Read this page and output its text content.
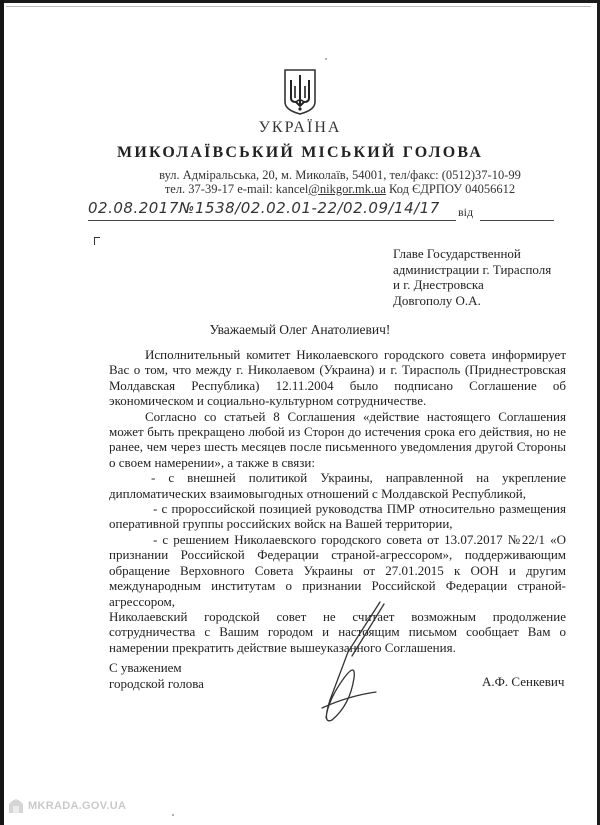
УКРАЇНА
МИКОЛАЇВСЬКИЙ МІСЬКИЙ ГОЛОВА
вул. Адміральська, 20, м. Миколаїв, 54001, тел/факс: (0512)37-10-99
тел. 37-39-17 e-mail: kancel@nikgor.mk.ua Код ЄДРПОУ 04056612
02.08.2017№1538/02.02.01-22/02.09/14/17 від
Главе Государственной
администрации г. Тирасполя
и г. Днестровска
Довгополу О.А.
Уважаемый Олег Анатолиевич!

Исполнительный комитет Николаевского городского совета информирует Вас о том, что между г. Николаевом (Украина) и г. Тирасполь (Приднестровская Молдавская Республика) 12.11.2004 было подписано Соглашение об экономическом и социально-культурном сотрудничестве.

Согласно со статьей 8 Соглашения «действие настоящего Соглашения может быть прекращено любой из Сторон до истечения срока его действия, но не ранее, чем через шесть месяцев после письменного уведомления другой Стороны о своем намерении», а также в связи:

- с внешней политикой Украины, направленной на укрепление дипломатических взаимовыгодных отношений с Молдавской Республикой,

- с пророссийской позицией руководства ПМР относительно размещения оперативной группы российских войск на Вашей территории,

- с решением Николаевского городского совета от 13.07.2017 №22/1 «О признании Российской Федерации страной-агрессором», поддерживающим обращение Верховного Совета Украины от 27.01.2015 к ООН и другим международным институтам о признании Российской Федерации страной-агрессором,

Николаевский городской совет не считает возможным продолжение сотрудничества с Вашим городом и настоящим письмом сообщает Вам о намерении прекратить действие вышеуказанного Соглашения.

С уважением
городской голова	А.Ф. Сенкевич
MKRADA.GOV.UA
